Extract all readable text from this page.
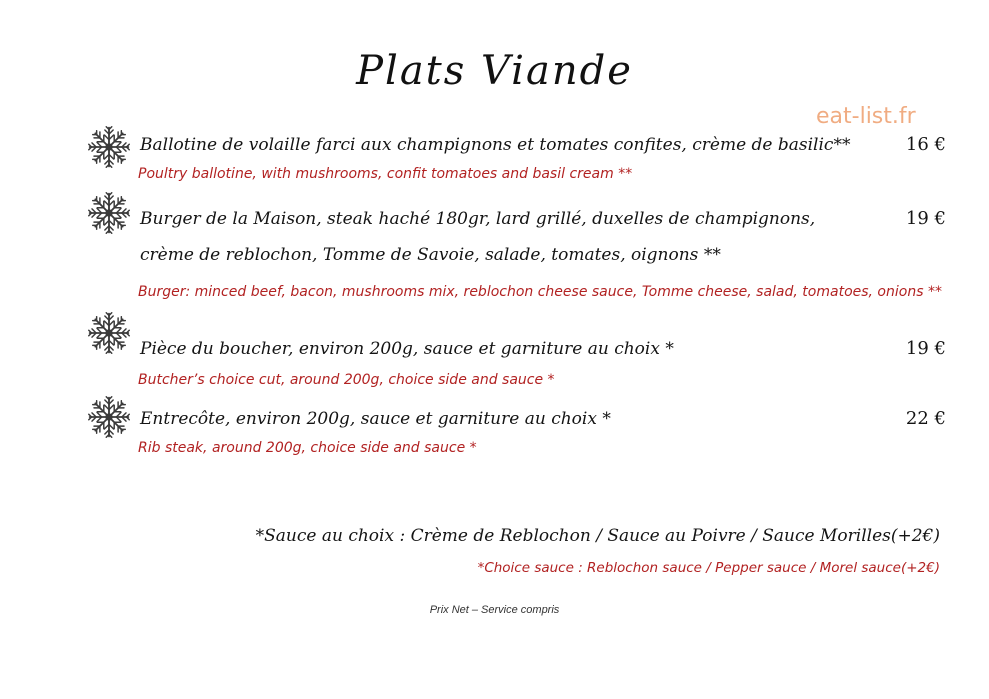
Plats Viande
eat-list.fr
Ballotine de volaille farci aux champignons et tomates confites, crème de basilic**	16 €
Poultry ballotine, with mushrooms, confit tomatoes and basil cream **
Burger de la Maison, steak haché 180gr, lard grillé, duxelles de champignons,	19 €
crème de reblochon, Tomme de Savoie, salade, tomates, oignons **
Burger: minced beef, bacon, mushrooms mix, reblochon cheese sauce, Tomme cheese, salad, tomatoes, onions **
Pièce du boucher, environ 200g, sauce et garniture au choix *	19 €
Butcher’s choice cut, around 200g, choice side and sauce *
Entrecôte, environ 200g, sauce et garniture au choix *	22 €
Rib steak, around 200g, choice side and sauce *
*Sauce au choix : Crème de Reblochon / Sauce au Poivre / Sauce Morilles(+2€)
*Choice sauce : Reblochon sauce / Pepper sauce / Morel sauce(+2€)
Prix Net – Service compris
